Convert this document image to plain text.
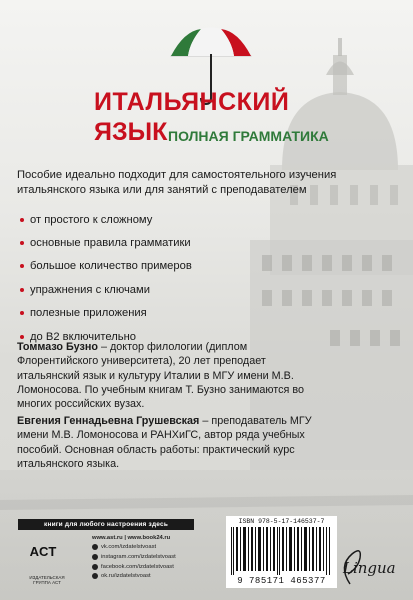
ИТАЛЬЯНСКИЙ
ЯЗЫК ПОЛНАЯ ГРАММАТИКА

Пособие идеально подходит для самостоятельного изучения итальянского языка или для занятий с преподавателем

от простого к сложному
основные правила грамматики
большое количество примеров
упражнения с ключами
полезные приложения
до B2 включительно

Томмазо Бузно – доктор филологии (диплом Флорентийского университета), 20 лет преподает итальянский язык и культуру Италии в МГУ имени М.В. Ломоносова. По учебным книгам Т. Бузно занимаются во многих российских вузах.

Евгения Геннадьевна Грушевская – преподаватель МГУ имени М.В. Ломоносова и РАНХиГС, автор ряда учебных пособий. Основная область работы: практический курс итальянского языка.

книги для любого настроения здесь
ACT
ИЗДАТЕЛЬСКАЯ ГРУППА АСТ
www.ast.ru | www.book24.ru
vk.com/izdatelstvoast
instagram.com/izdatelstvoast
facebook.com/izdatelstvoast
ok.ru/izdatelstvoast
ISBN 978-5-17-146537-7
9 785171 465377
Lingua
